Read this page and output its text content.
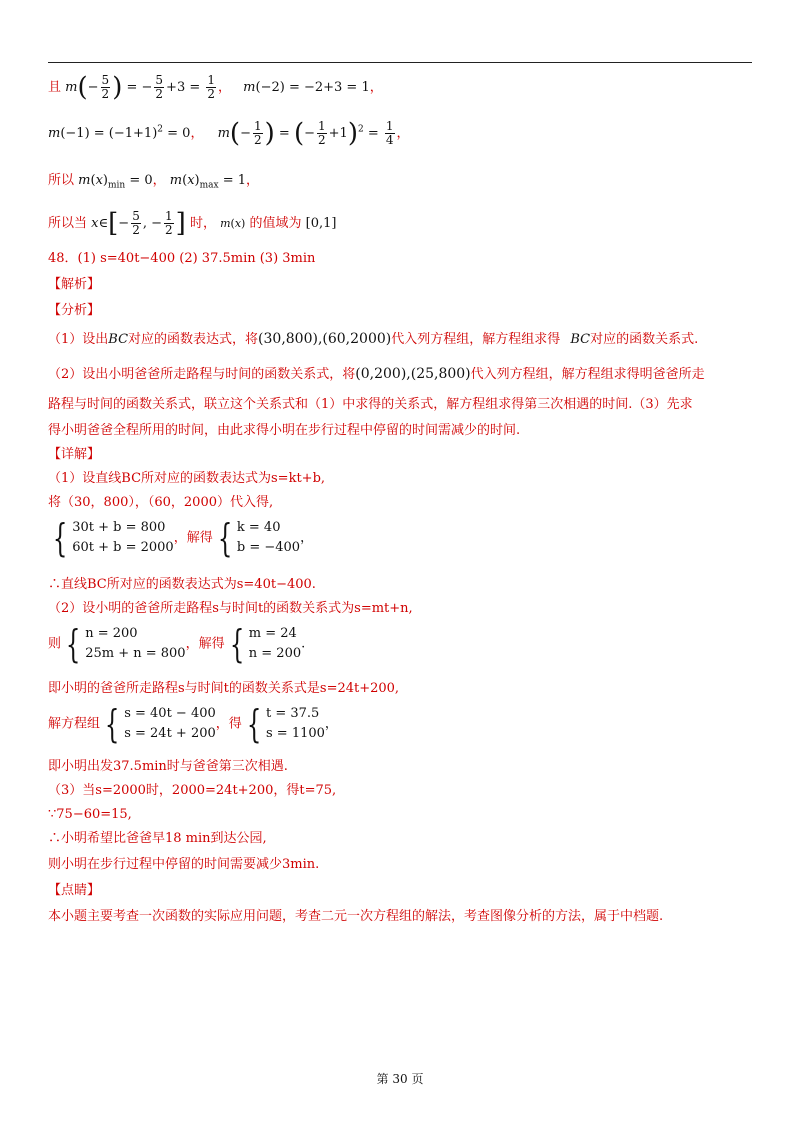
且 $m(- \frac{5}{2}$ ) = − $\frac{5}{2} +3 = \frac{1}{2}$ ， m(−2) = −2+3 = 1，
$m(-1) = (-1+1)^2 = 0$， $m(- \frac{1}{2}$ ) = (− $\frac{1}{2} +1)^2 = \frac{1}{4}$ ，
所以 $m(x)_{min} = 0$， $m(x)_{max} = 1$，
所以当 x∈[− $\frac{5}{2}$ , − $\frac{1}{2}$ ] 时， m(x) 的值域为 [0,1]
48．(1) s=40t−400 (2) 37.5min (3) 3min
【解析】
【分析】
（1）设出BC对应的函数表达式，将(30,800),(60,2000)代入列方程组，解方程组求得 BC对应的函数关系式.
（2）设出小明爸爸所走路程与时间的函数关系式，将(0,200),(25,800)代入列方程组，解方程组求得明爸爸所走
路程与时间的函数关系式，联立这个关系式和（1）中求得的关系式，解方程组求得第三次相遇的时间.（3）先求
得小明爸爸全程所用的时间，由此求得小明在步行过程中停留的时间需减少的时间.
【详解】
（1）设直线BC所对应的函数表达式为s=kt+b,
将（30，800），（60，2000）代入得,
{ 30t + b = 800
60t + b = 2000
，解得 { k = 40
b = −400
，
∴直线BC所对应的函数表达式为s=40t−400.
（2）设小明的爸爸所走路程s与时间t的函数关系式为s=mt+n,
则 { n = 200
25m + n = 800
，解得 { m = 24
n = 200
.
即小明的爸爸所走路程s与时间t的函数关系式是s=24t+200,
解方程组 { s = 40t − 400
s = 24t + 200
，得 { t = 37.5
s = 1100
，
即小明出发37.5min时与爸爸第三次相遇.
（3）当s=2000时，2000=24t+200，得t=75,
∵75−60=15,
∴小明希望比爸爸早18 min到达公园,
则小明在步行过程中停留的时间需要减少3min.
【点睛】
本小题主要考查一次函数的实际应用问题，考查二元一次方程组的解法，考查图像分析的方法，属于中档题.
第 30 页
